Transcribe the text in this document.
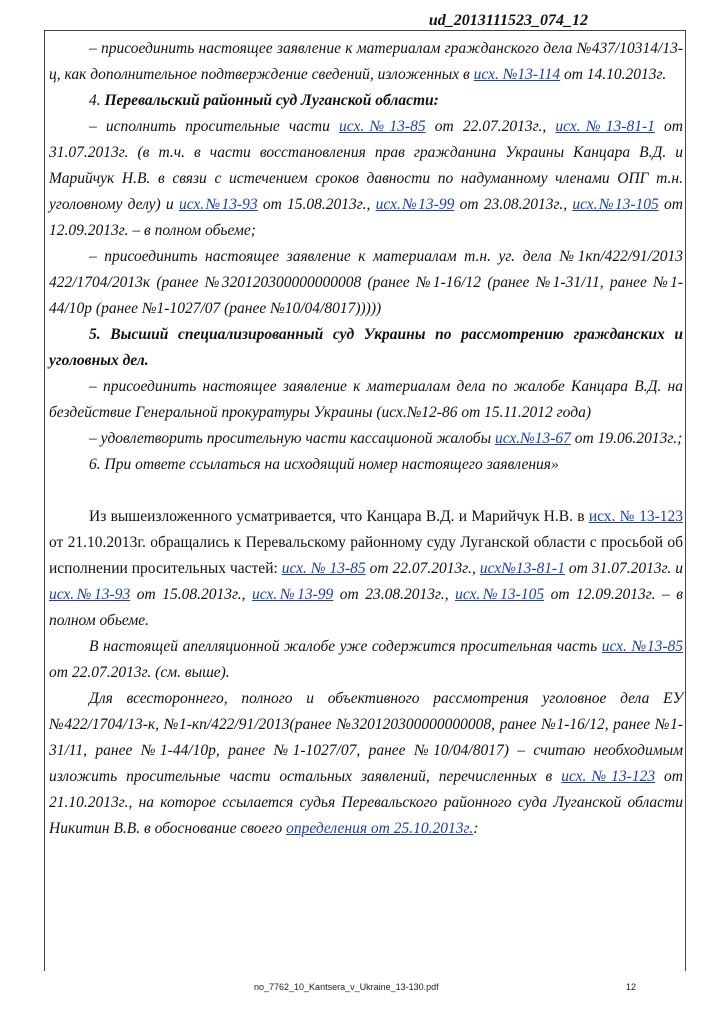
ud_2013111523_074_12

– присоединить настоящее заявление к материалам гражданского дела №437/10314/13-ц, как дополнительное подтверждение сведений, изложенных в исх. №13-114 от 14.10.2013г.

4. Перевальский районный суд Луганской области:

– исполнить просительные части исх.№13-85 от 22.07.2013г., исх.№13-81-1 от 31.07.2013г. (в т.ч. в части восстановления прав гражданина Украины Канцара В.Д. и Марийчук Н.В. в связи с истечением сроков давности по надуманному членами ОПГ т.н. уголовному делу) и исх.№13-93 от 15.08.2013г., исх.№13-99 от 23.08.2013г., исх.№13-105 от 12.09.2013г. – в полном обьеме;

– присоединить настоящее заявление к материалам т.н. уг. дела №1кп/422/91/2013 422/1704/2013к (ранее №320120300000000008 (ранее №1-16/12 (ранее №1-31/11, ранее №1-44/10р (ранее №1-1027/07 (ранее №10/04/8017)))))

5. Высший специализированный суд Украины по рассмотрению гражданских и уголовных дел.

– присоединить настоящее заявление к материалам дела по жалобе Канцара В.Д. на бездействие Генеральной прокуратуры Украины (исх.№12-86 от 15.11.2012 года)

– удовлетворить просительную части кассационой жалобы исх.№13-67 от 19.06.2013г.;

6. При ответе ссылаться на исходящий номер настоящего заявления»

Из вышеизложенного усматривается, что Канцара В.Д. и Марийчук Н.В. в исх. № 13-123 от 21.10.2013г. обращались к Перевальскому районному суду Луганской области с просьбой об исполнении просительных частей: исх. № 13-85 от 22.07.2013г., исх№13-81-1 от 31.07.2013г. и исх.№13-93 от 15.08.2013г., исх.№13-99 от 23.08.2013г., исх.№13-105 от 12.09.2013г. – в полном обьеме.

В настоящей апелляционной жалобе уже содержится просительная часть исх. №13-85 от 22.07.2013г. (см. выше).

Для всестороннего, полного и объективного рассмотрения уголовное дела ЕУ №422/1704/13-к, №1-кп/422/91/2013(ранее №320120300000000008, ранее №1-16/12, ранее №1-31/11, ранее №1-44/10р, ранее №1-1027/07, ранее №10/04/8017) – считаю необходимым изложить просительные части остальных заявлений, перечисленных в исх.№13-123 от 21.10.2013г., на которое ссылается судья Перевальского районного суда Луганской области Никитин В.В. в обоснование своего определения от 25.10.2013г.:

no_7762_10_Kantsera_v_Ukraine_13-130.pdf	12
